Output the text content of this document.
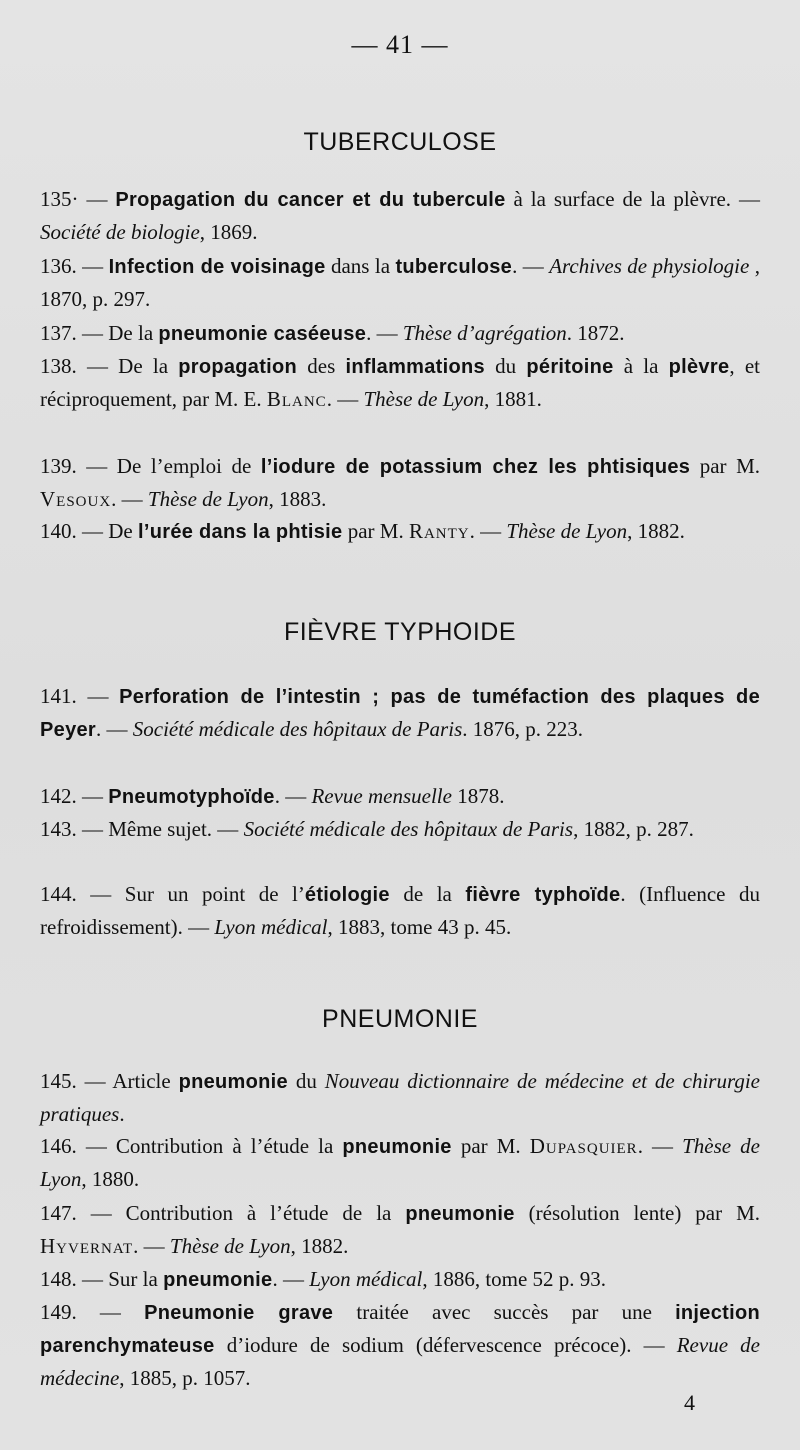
— 41 —
TUBERCULOSE
135· — Propagation du cancer et du tubercule à la surface de la plèvre. — Société de biologie, 1869.
136. — Infection de voisinage dans la tuberculose. — Archives de physiologie , 1870, p. 297.
137. — De la pneumonie caséeuse. — Thèse d’agrégation. 1872.
138. — De la propagation des inflammations du péritoine à la plèvre, et réciproquement, par M. E. Blanc. — Thèse de Lyon, 1881.
139. — De l’emploi de l’iodure de potassium chez les phtisiques par M. Vesoux. — Thèse de Lyon, 1883.
140. — De l’urée dans la phtisie par M. Ranty. — Thèse de Lyon, 1882.
FIÈVRE TYPHOIDE
141. — Perforation de l’intestin ; pas de tuméfaction des plaques de Peyer. — Société médicale des hôpitaux de Paris. 1876, p. 223.
142. — Pneumotyphoïde. — Revue mensuelle 1878.
143. — Même sujet. — Société médicale des hôpitaux de Paris, 1882, p. 287.
144. — Sur un point de l’étiologie de la fièvre typhoïde. (Influence du refroidissement). — Lyon médical, 1883, tome 43 p. 45.
PNEUMONIE
145. — Article pneumonie du Nouveau dictionnaire de médecine et de chirurgie pratiques.
146. — Contribution à l’étude la pneumonie par M. Dupasquier. — Thèse de Lyon, 1880.
147. — Contribution à l’étude de la pneumonie (résolution lente) par M. Hyvernat. — Thèse de Lyon, 1882.
148. — Sur la pneumonie. — Lyon médical, 1886, tome 52 p. 93.
149. — Pneumonie grave traitée avec succès par une injection parenchymateuse d’iodure de sodium (défervescence précoce). — Revue de médecine, 1885, p. 1057.
4
